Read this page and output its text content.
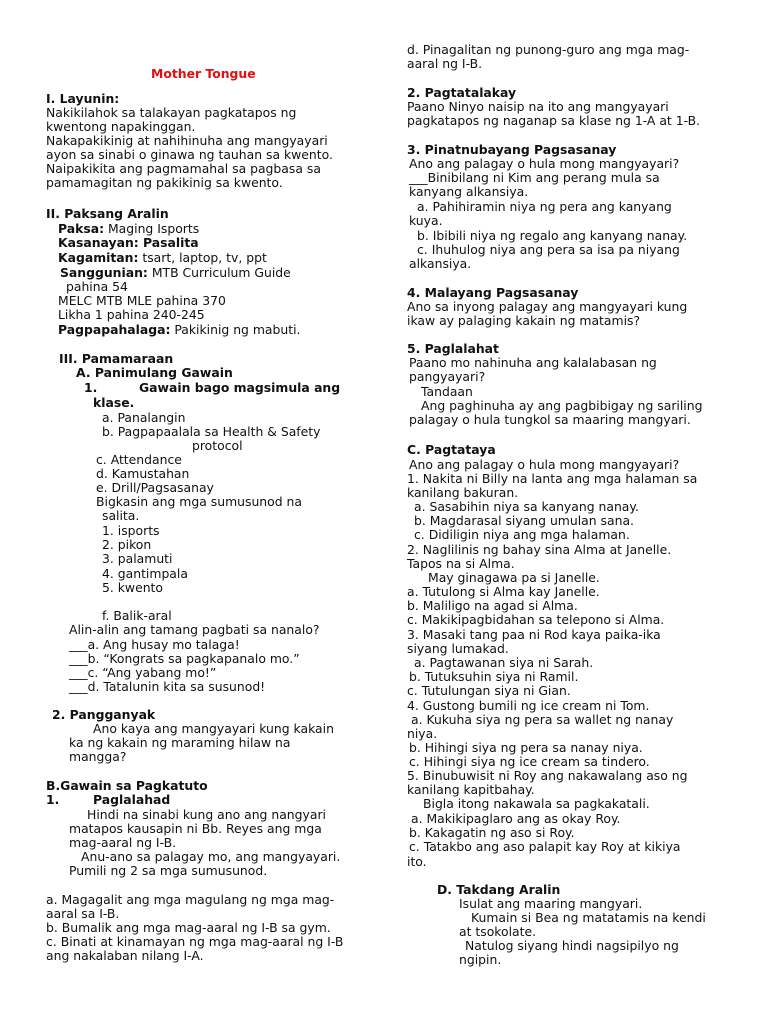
Mother Tongue
I. Layunin:
Nakikilahok sa talakayan pagkatapos ng
kwentong napakinggan.
Nakapakikinig at nahihinuha ang mangyayari
ayon sa sinabi o ginawa ng tauhan sa kwento.
Naipakikita ang pagmamahal sa pagbasa sa
pamamagitan ng pakikinig sa kwento.
II. Paksang Aralin
Paksa: Maging Isports
Kasanayan: Pasalita
Kagamitan: tsart, laptop, tv, ppt
Sanggunian: MTB Curriculum Guide
pahina 54
MELC MTB MLE pahina 370
Likha 1 pahina 240-245
Pagpapahalaga: Pakikinig ng mabuti.
III. Pamamaraan
A. Panimulang Gawain
1.	Gawain bago magsimula ang
klase.
a. Panalangin
b. Pagpapaalala sa Health & Safety
protocol
c. Attendance
d. Kamustahan
e. Drill/Pagsasanay
Bigkasin ang mga sumusunod na
salita.
1. isports
2. pikon
3. palamuti
4. gantimpala
5. kwento
f. Balik-aral
Alin-alin ang tamang pagbati sa nanalo?
___a. Ang husay mo talaga!
___b. “Kongrats sa pagkapanalo mo.”
___c. “Ang yabang mo!”
___d. Tatalunin kita sa susunod!
2. Pangganyak
Ano kaya ang mangyayari kung kakain
ka ng kakain ng maraming hilaw na
mangga?
B.Gawain sa Pagkatuto
1.	Paglalahad
Hindi na sinabi kung ano ang nangyari
matapos kausapin ni Bb. Reyes ang mga
mag-aaral ng I-B.
Anu-ano sa palagay mo, ang mangyayari.
Pumili ng 2 sa mga sumusunod.
a. Magagalit ang mga magulang ng mga mag-
aaral sa I-B.
b. Bumalik ang mga mag-aaral ng I-B sa gym.
c. Binati at kinamayan ng mga mag-aaral ng I-B
ang nakalaban nilang I-A.
d. Pinagalitan ng punong-guro ang mga mag-
aaral ng I-B.
2. Pagtatalakay
Paano Ninyo naisip na ito ang mangyayari
pagkatapos ng naganap sa klase ng 1-A at 1-B.
3. Pinatnubayang Pagsasanay
Ano ang palagay o hula mong mangyayari?
___Binibilang ni Kim ang perang mula sa
kanyang alkansiya.
a. Pahihiramin niya ng pera ang kanyang
kuya.
b. Ibibili niya ng regalo ang kanyang nanay.
c. Ihuhulog niya ang pera sa isa pa niyang
alkansiya.
4. Malayang Pagsasanay
Ano sa inyong palagay ang mangyayari kung
ikaw ay palaging kakain ng matamis?
5. Paglalahat
Paano mo nahinuha ang kalalabasan ng
pangyayari?
Tandaan
Ang paghinuha ay ang pagbibigay ng sariling
palagay o hula tungkol sa maaring mangyari.
C. Pagtataya
Ano ang palagay o hula mong mangyayari?
1. Nakita ni Billy na lanta ang mga halaman sa
kanilang bakuran.
a. Sasabihin niya sa kanyang nanay.
b. Magdarasal siyang umulan sana.
c. Didiligin niya ang mga halaman.
2. Naglilinis ng bahay sina Alma at Janelle.
Tapos na si Alma.
May ginagawa pa si Janelle.
a. Tutulong si Alma kay Janelle.
b. Maliligo na agad si Alma.
c. Makikipagbidahan sa telepono si Alma.
3. Masaki tang paa ni Rod kaya paika-ika
siyang lumakad.
a. Pagtawanan siya ni Sarah.
b. Tutuksuhin siya ni Ramil.
c. Tutulungan siya ni Gian.
4. Gustong bumili ng ice cream ni Tom.
a. Kukuha siya ng pera sa wallet ng nanay
niya.
b. Hihingi siya ng pera sa nanay niya.
c. Hihingi siya ng ice cream sa tindero.
5. Binubuwisit ni Roy ang nakawalang aso ng
kanilang kapitbahay.
Bigla itong nakawala sa pagkakatali.
a. Makikipaglaro ang as okay Roy.
b. Kakagatin ng aso si Roy.
c. Tatakbo ang aso palapit kay Roy at kikiya
ito.
D. Takdang Aralin
Isulat ang maaring mangyari.
Kumain si Bea ng matatamis na kendi
at tsokolate.
Natulog siyang hindi nagsipilyo ng
ngipin.
